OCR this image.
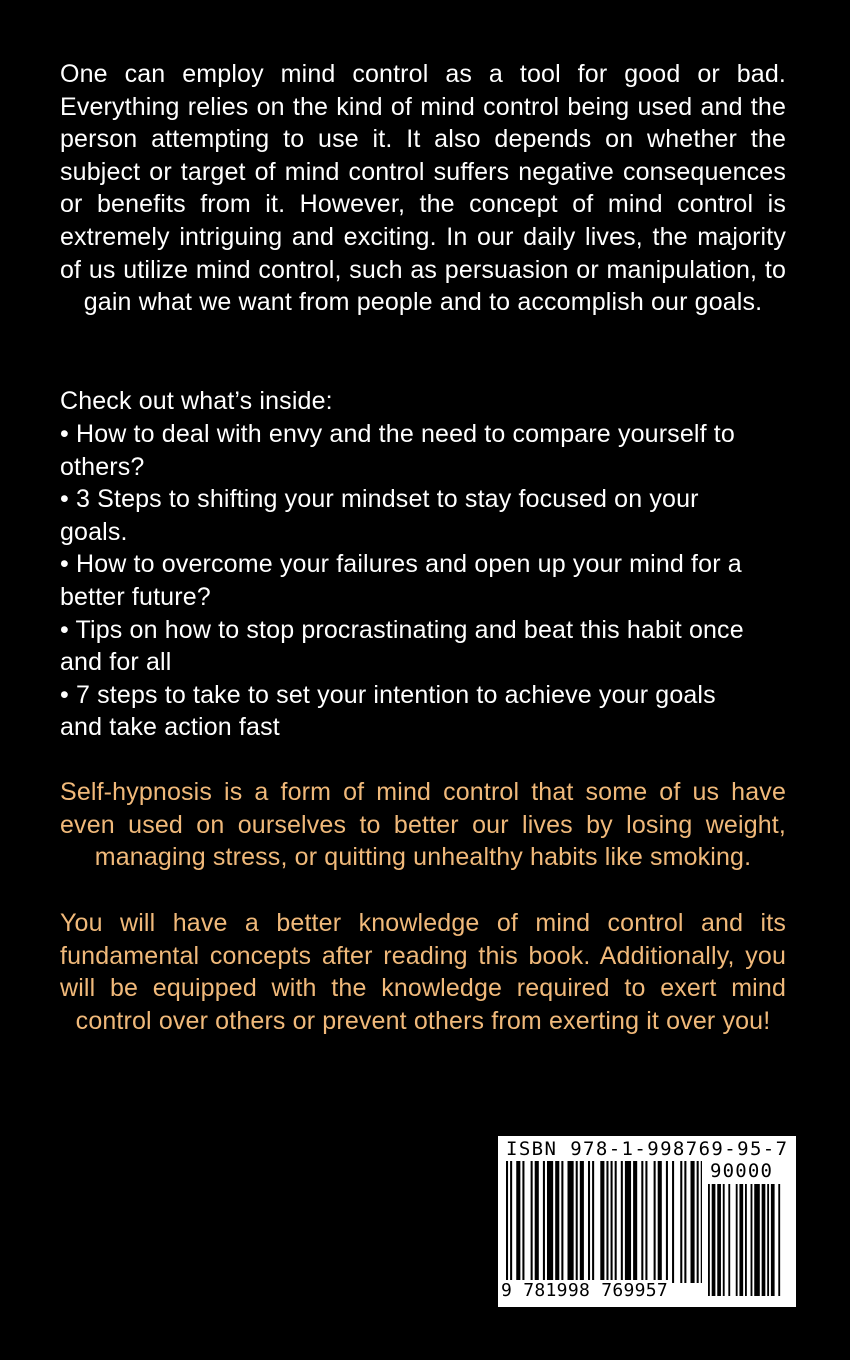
One can employ mind control as a tool for good or bad. Everything relies on the kind of mind control being used and the person attempting to use it. It also depends on whether the subject or target of mind control suffers negative consequences or benefits from it. However, the concept of mind control is extremely intriguing and exciting. In our daily lives, the majority of us utilize mind control, such as persuasion or manipulation, to gain what we want from people and to accomplish our goals.

Check out what’s inside:

• How to deal with envy and the need to compare yourself to others?
• 3 Steps to shifting your mindset to stay focused on your goals.
• How to overcome your failures and open up your mind for a better future?
• Tips on how to stop procrastinating and beat this habit once and for all
• 7 steps to take to set your intention to achieve your goals and take action fast

Self-hypnosis is a form of mind control that some of us have even used on ourselves to better our lives by losing weight, managing stress, or quitting unhealthy habits like smoking.

You will have a better knowledge of mind control and its fundamental concepts after reading this book. Additionally, you will be equipped with the knowledge required to exert mind control over others or prevent others from exerting it over you!

ISBN 978-1-998769-95-7
90000
9 781998 769957
